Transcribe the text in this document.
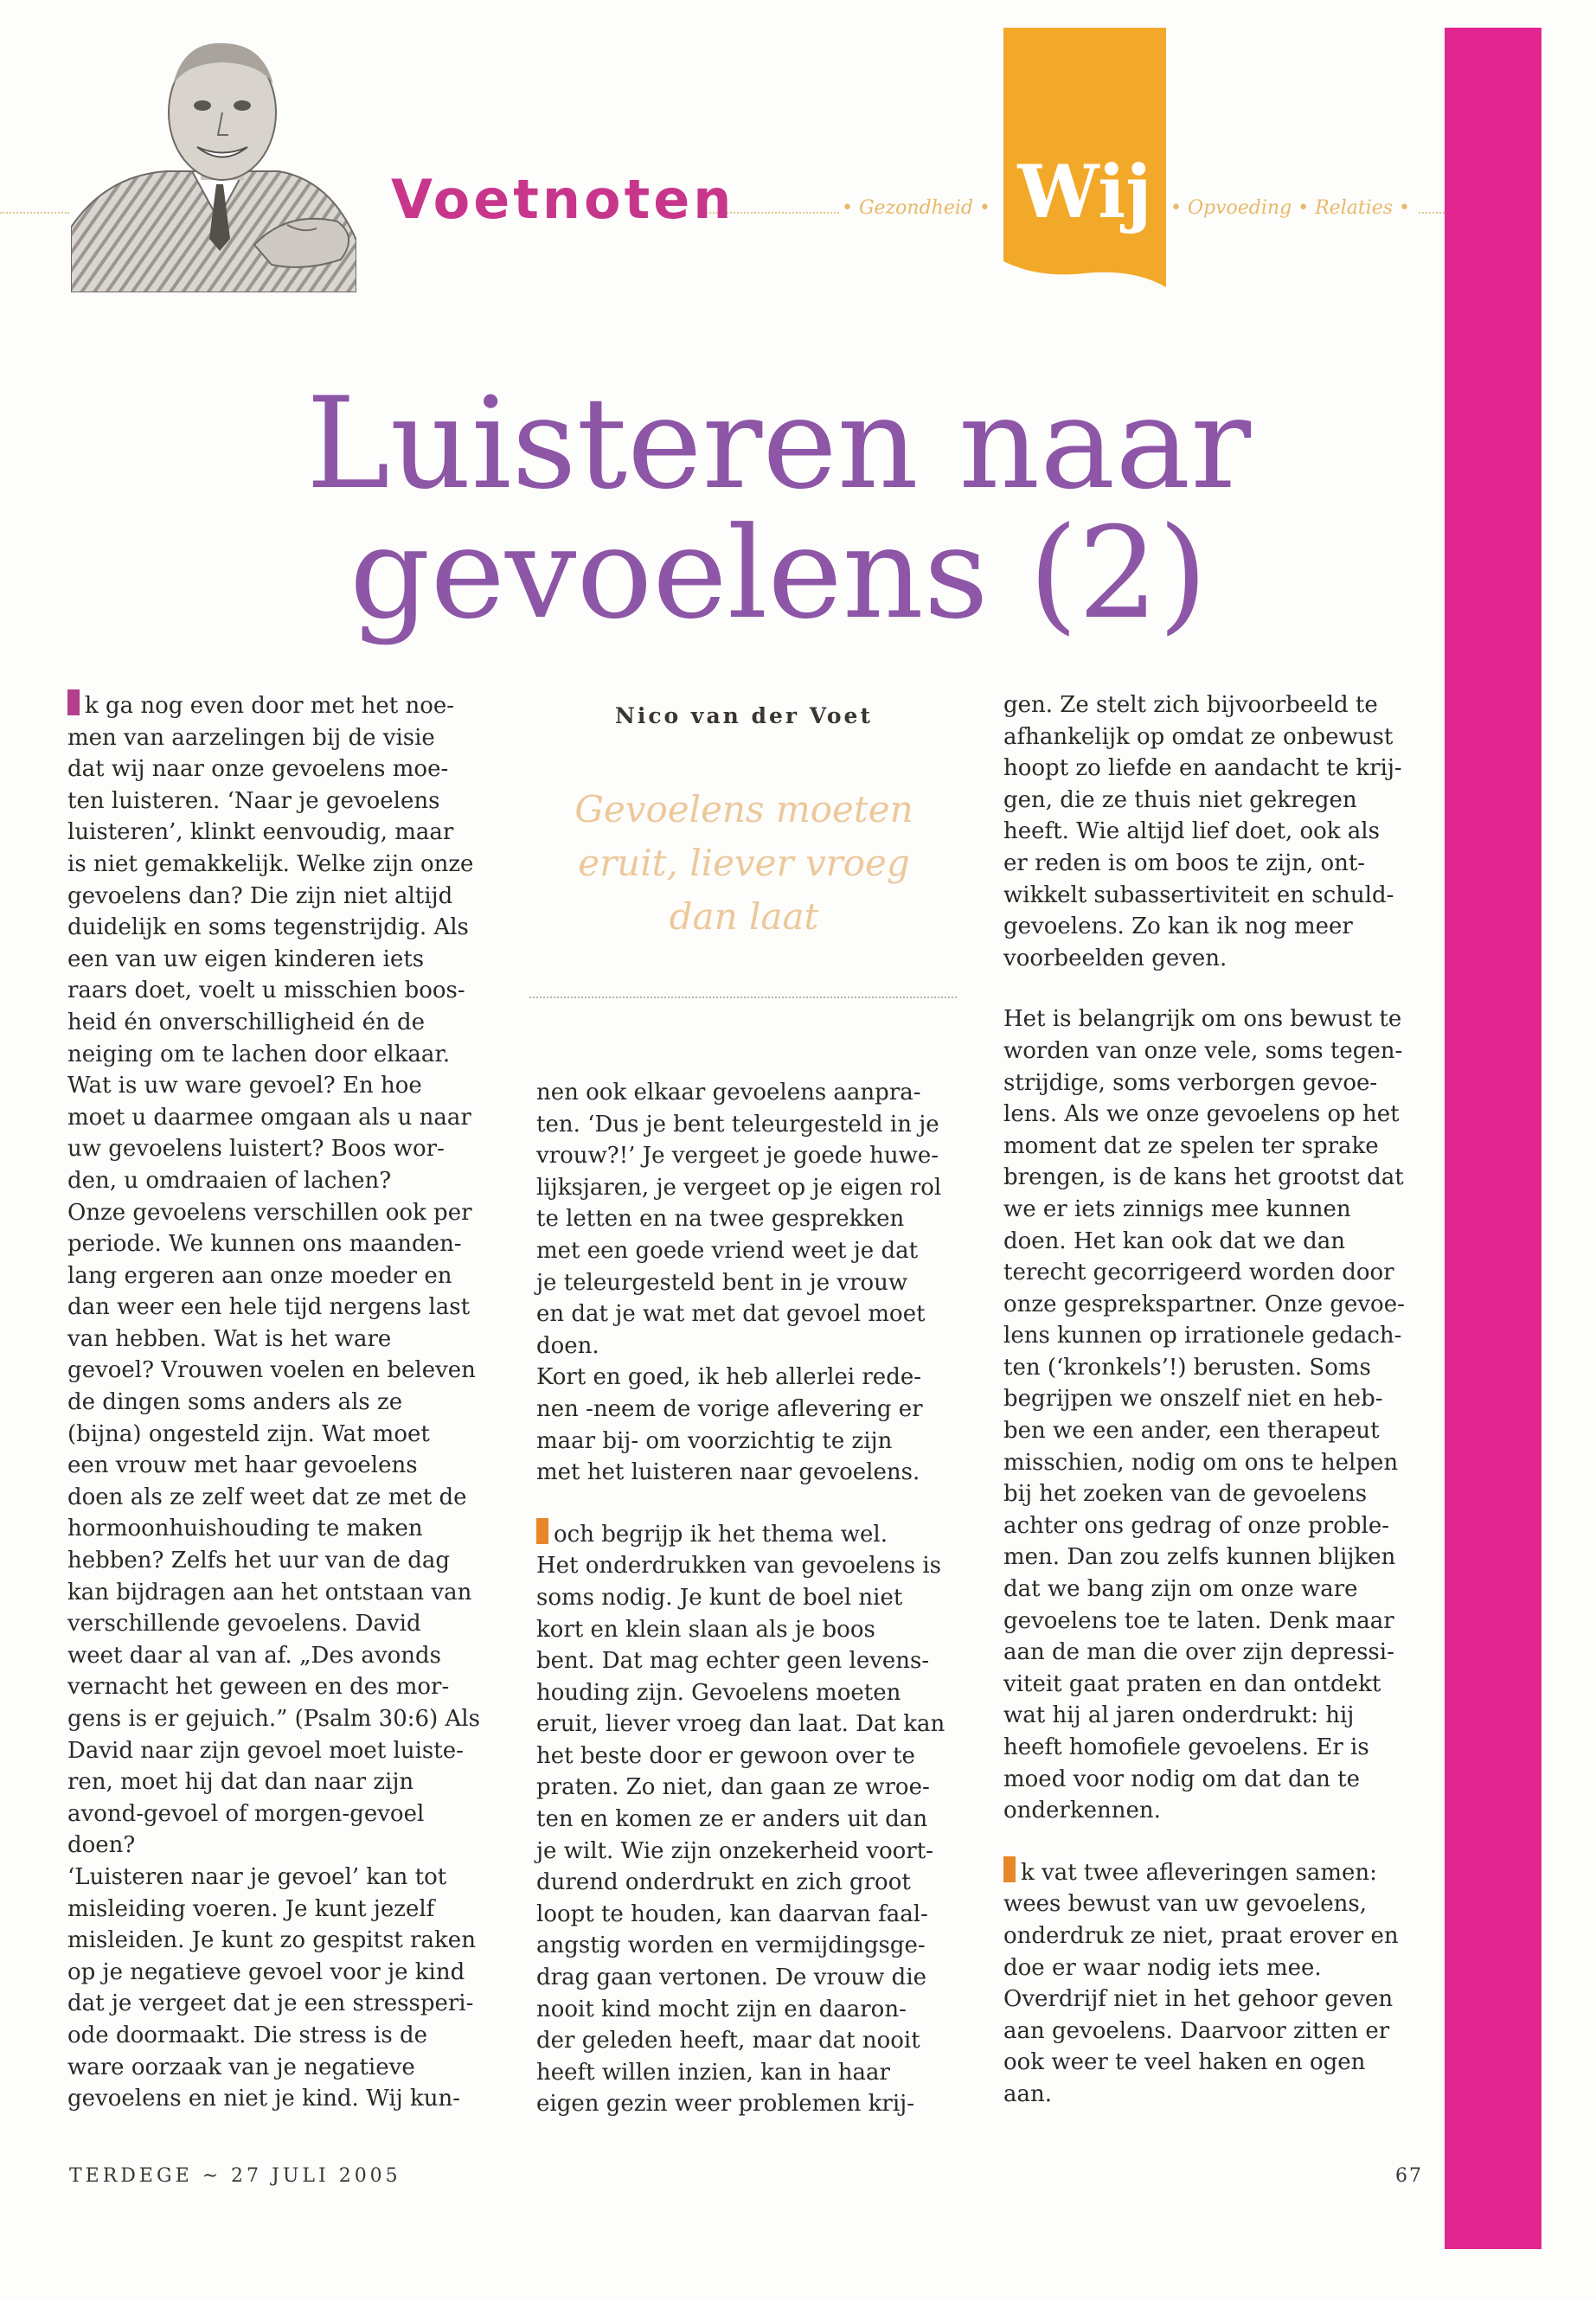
Voetnoten	• Gezondheid • Wij • Opvoeding • Relaties •
Luisteren naar
gevoelens (2)
Nico van der Voet
Gevoelens moeten
eruit, liever vroeg
dan laat

k ga nog even door met het noe-

men van aarzelingen bij de visie

dat wij naar onze gevoelens moe-

ten luisteren. ‘Naar je gevoelens

luisteren’, klinkt eenvoudig, maar

is niet gemakkelijk. Welke zijn onze

gevoelens dan? Die zijn niet altijd

duidelijk en soms tegenstrijdig. Als

een van uw eigen kinderen iets

raars doet, voelt u misschien boos-

heid én onverschilligheid én de

neiging om te lachen door elkaar.

Wat is uw ware gevoel? En hoe

moet u daarmee omgaan als u naar

uw gevoelens luistert? Boos wor-

den, u omdraaien of lachen?

Onze gevoelens verschillen ook per

periode. We kunnen ons maanden-

lang ergeren aan onze moeder en

dan weer een hele tijd nergens last

van hebben. Wat is het ware

gevoel? Vrouwen voelen en beleven

de dingen soms anders als ze

(bijna) ongesteld zijn. Wat moet

een vrouw met haar gevoelens

doen als ze zelf weet dat ze met de

hormoonhuishouding te maken

hebben? Zelfs het uur van de dag

kan bijdragen aan het ontstaan van

verschillende gevoelens. David

weet daar al van af. „Des avonds

vernacht het geween en des mor-

gens is er gejuich.” (Psalm 30:6) Als

David naar zijn gevoel moet luiste-

ren, moet hij dat dan naar zijn

avond-gevoel of morgen-gevoel

doen?

‘Luisteren naar je gevoel’ kan tot

misleiding voeren. Je kunt jezelf

misleiden. Je kunt zo gespitst raken

op je negatieve gevoel voor je kind

dat je vergeet dat je een stressperi-

ode doormaakt. Die stress is de

ware oorzaak van je negatieve

gevoelens en niet je kind. Wij kun-

nen ook elkaar gevoelens aanpra-

ten. ‘Dus je bent teleurgesteld in je

vrouw?!’ Je vergeet je goede huwe-

lijksjaren, je vergeet op je eigen rol

te letten en na twee gesprekken

met een goede vriend weet je dat

je teleurgesteld bent in je vrouw

en dat je wat met dat gevoel moet

doen.

Kort en goed, ik heb allerlei rede-

nen -neem de vorige aflevering er

maar bij- om voorzichtig te zijn

met het luisteren naar gevoelens.

och begrijp ik het thema wel.

Het onderdrukken van gevoelens is

soms nodig. Je kunt de boel niet

kort en klein slaan als je boos

bent. Dat mag echter geen levens-

houding zijn. Gevoelens moeten

eruit, liever vroeg dan laat. Dat kan

het beste door er gewoon over te

praten. Zo niet, dan gaan ze wroe-

ten en komen ze er anders uit dan

je wilt. Wie zijn onzekerheid voort-

durend onderdrukt en zich groot

loopt te houden, kan daarvan faal-

angstig worden en vermijdingsge-

drag gaan vertonen. De vrouw die

nooit kind mocht zijn en daaron-

der geleden heeft, maar dat nooit

heeft willen inzien, kan in haar

eigen gezin weer problemen krij-

gen. Ze stelt zich bijvoorbeeld te

afhankelijk op omdat ze onbewust

hoopt zo liefde en aandacht te krij-

gen, die ze thuis niet gekregen

heeft. Wie altijd lief doet, ook als

er reden is om boos te zijn, ont-

wikkelt subassertiviteit en schuld-

gevoelens. Zo kan ik nog meer

voorbeelden geven.

Het is belangrijk om ons bewust te

worden van onze vele, soms tegen-

strijdige, soms verborgen gevoe-

lens. Als we onze gevoelens op het

moment dat ze spelen ter sprake

brengen, is de kans het grootst dat

we er iets zinnigs mee kunnen

doen. Het kan ook dat we dan

terecht gecorrigeerd worden door

onze gesprekspartner. Onze gevoe-

lens kunnen op irrationele gedach-

ten (‘kronkels’!) berusten. Soms

begrijpen we onszelf niet en heb-

ben we een ander, een therapeut

misschien, nodig om ons te helpen

bij het zoeken van de gevoelens

achter ons gedrag of onze proble-

men. Dan zou zelfs kunnen blijken

dat we bang zijn om onze ware

gevoelens toe te laten. Denk maar

aan de man die over zijn depressi-

viteit gaat praten en dan ontdekt

wat hij al jaren onderdrukt: hij

heeft homofiele gevoelens. Er is

moed voor nodig om dat dan te

onderkennen.

k vat twee afleveringen samen:

wees bewust van uw gevoelens,

onderdruk ze niet, praat erover en

doe er waar nodig iets mee.

Overdrijf niet in het gehoor geven

aan gevoelens. Daarvoor zitten er

ook weer te veel haken en ogen

aan.

TERDEGE ~ 27 JULI 2005	67
